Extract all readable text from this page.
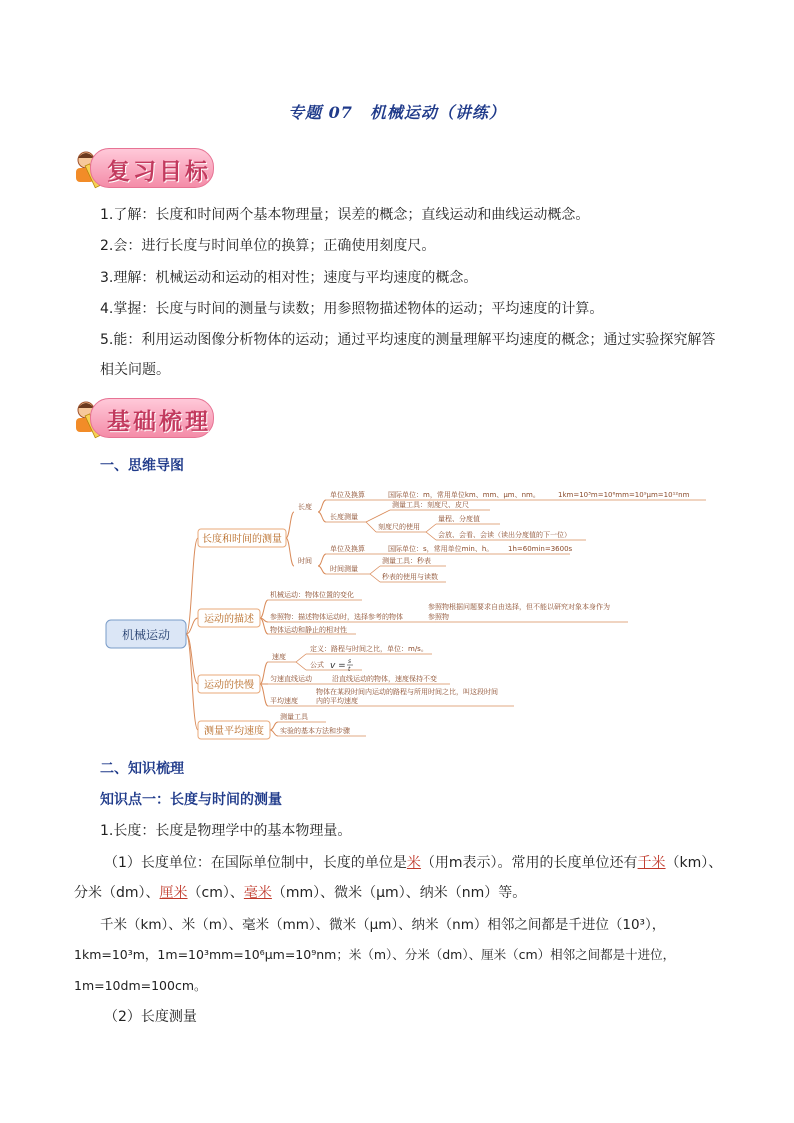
专题 07　机械运动（讲练）
复习目标
1.了解：长度和时间两个基本物理量；误差的概念；直线运动和曲线运动概念。
2.会：进行长度与时间单位的换算；正确使用刻度尺。
3.理解：机械运动和运动的相对性；速度与平均速度的概念。
4.掌握：长度与时间的测量与读数；用参照物描述物体的运动；平均速度的计算。
5.能：利用运动图像分析物体的运动；通过平均速度的测量理解平均速度的概念；通过实验探究解答
相关问题。
基础梳理
一、思维导图
机械运动
长度和时间的测量
运动的描述
运动的快慢
测量平均速度
长度
时间
单位及换算	国际单位：m，常用单位km、mm、μm、nm。	1km=10³m=10⁶mm=10⁹μm=10¹²nm
长度测量
测量工具：刻度尺、皮尺
刻度尺的使用
量程、分度值
会放、会看、会读（读出分度值的下一位）
单位及换算	国际单位：s，常用单位min、h。 1h=60min=3600s
时间测量
测量工具：秒表
秒表的使用与读数
机械运动：物体位置的变化
参照物：描述物体运动时，选择参考的物体
参照物根据问题要求自由选择，但不能以研究对象本身作为
参照物
物体运动和静止的相对性
速度
定义：路程与时间之比，单位：m/s。
公式
匀速直线运动	沿直线运动的物体，速度保持不变
平均速度
物体在某段时间内运动的路程与所用时间之比，叫这段时间
内的平均速度
测量工具
实验的基本方法和步骤
v = s
t
二、知识梳理
知识点一：长度与时间的测量
1.长度：长度是物理学中的基本物理量。
（1）长度单位：在国际单位制中，长度的单位是米（用m表示）。常用的长度单位还有千米（km）、
分米（dm）、厘米（cm）、毫米（mm）、微米（μm）、纳米（nm）等。
千米（km）、米（m）、毫米（mm）、微米（μm）、纳米（nm）相邻之间都是千进位（10³），
1km=10³m，1m=10³mm=10⁶μm=10⁹nm；米（m）、分米（dm）、厘米（cm）相邻之间都是十进位，
1m=10dm=100cm。
（2）长度测量
